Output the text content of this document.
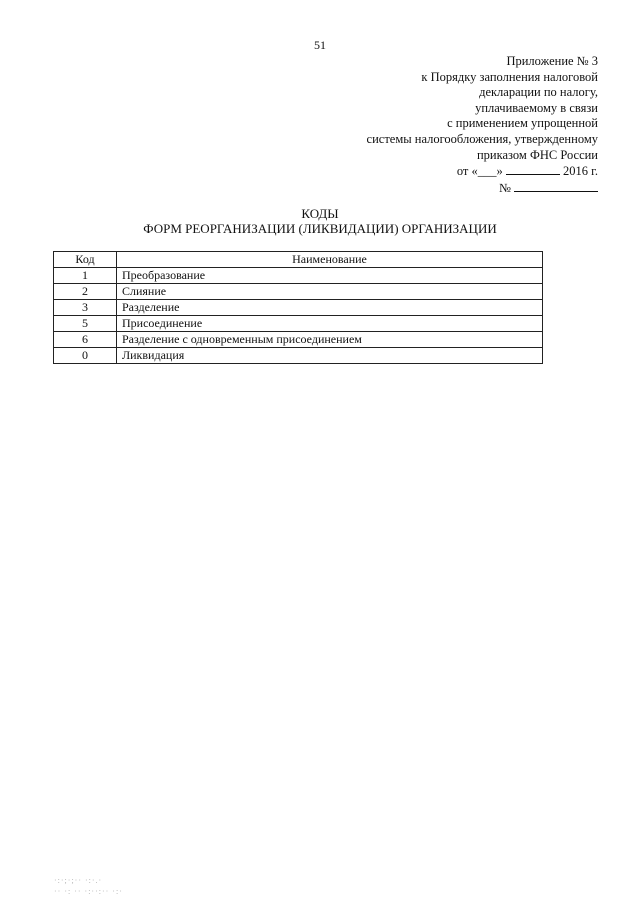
51
Приложение № 3
к Порядку заполнения налоговой
декларации по налогу,
уплачиваемому в связи
с применением упрощенной
системы налогообложения, утвержденному
приказом ФНС России
от «___»	2016 г.
№
КОДЫ
ФОРМ РЕОРГАНИЗАЦИИ (ЛИКВИДАЦИИ) ОРГАНИЗАЦИИ
Код	Наименование
1	Преобразование
2	Слияние
3	Разделение
5	Присоединение
6	Разделение с одновременным присоединением
0	Ликвидация
·:·;·;·· ·:·.·
·· ·: ·· ·:··:·· ·:·
